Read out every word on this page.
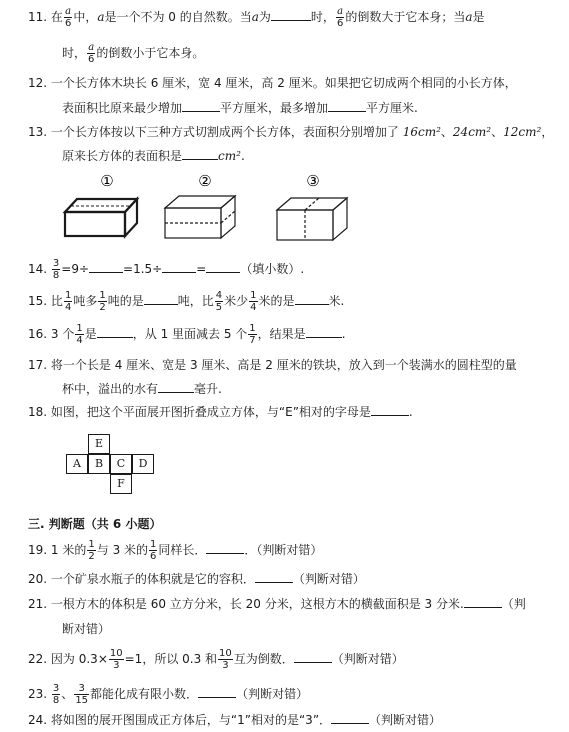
11. 在 $\frac{a}{6}$ 中，a是一个不为 0 的自然数。当a为	时， $\frac{a}{6}$ 的倒数大于它本身；当a是
时， $\frac{a}{6}$ 的倒数小于它本身。
12. 一个长方体木块长 6 厘米，宽 4 厘米，高 2 厘米。如果把它切成两个相同的小长方体，
表面积比原来最少增加	平方厘米，最多增加	平方厘米.
13. 一个长方体按以下三种方式切割成两个长方体，表面积分别增加了 16cm²、24cm²、12cm²，
原来长方体的表面积是	cm².
①	②	③
14. $\frac{3}{8} =9\div$	=1.5÷	=	（填小数）.
15. 比 $\frac{1}{4}$ 吨多 $\frac{1}{2}$ 吨的是	吨，比 $\frac{4}{5}$ 米少 $\frac{1}{4}$ 米的是	米.
16. 3 个 $\frac{1}{4}$ 是	，从 1 里面减去 5 个 $\frac{1}{7}$ ，结果是	.
17. 将一个长是 4 厘米、宽是 3 厘米、高是 2 厘米的铁块，放入到一个装满水的圆柱型的量
杯中，溢出的水有	毫升.
18. 如图，把这个平面展开图折叠成立方体，与“E”相对的字母是	.
E
A	B	C	D
F
三. 判断题（共 6 小题）
19. 1 米的 $\frac{1}{2}$ 与 3 米的 $\frac{1}{6}$ 同样长．	．（判断对错）
20. 一个矿泉水瓶子的体积就是它的容积．	（判断对错）
21. 一根方木的体积是 60 立方分米，长 20 分米，这根方木的横截面积是 3 分米.	（判
断对错）
22. 因为 $0.3\times \frac{10}{3} =1$，所以 0.3 和 $\frac{10}{3}$ 互为倒数．	（判断对错）
23. $\frac{3}{8}$ 、 $\frac{3}{15}$ 都能化成有限小数．	（判断对错）
24. 将如图的展开图围成正方体后，与“1”相对的是“3”．	（判断对错）
